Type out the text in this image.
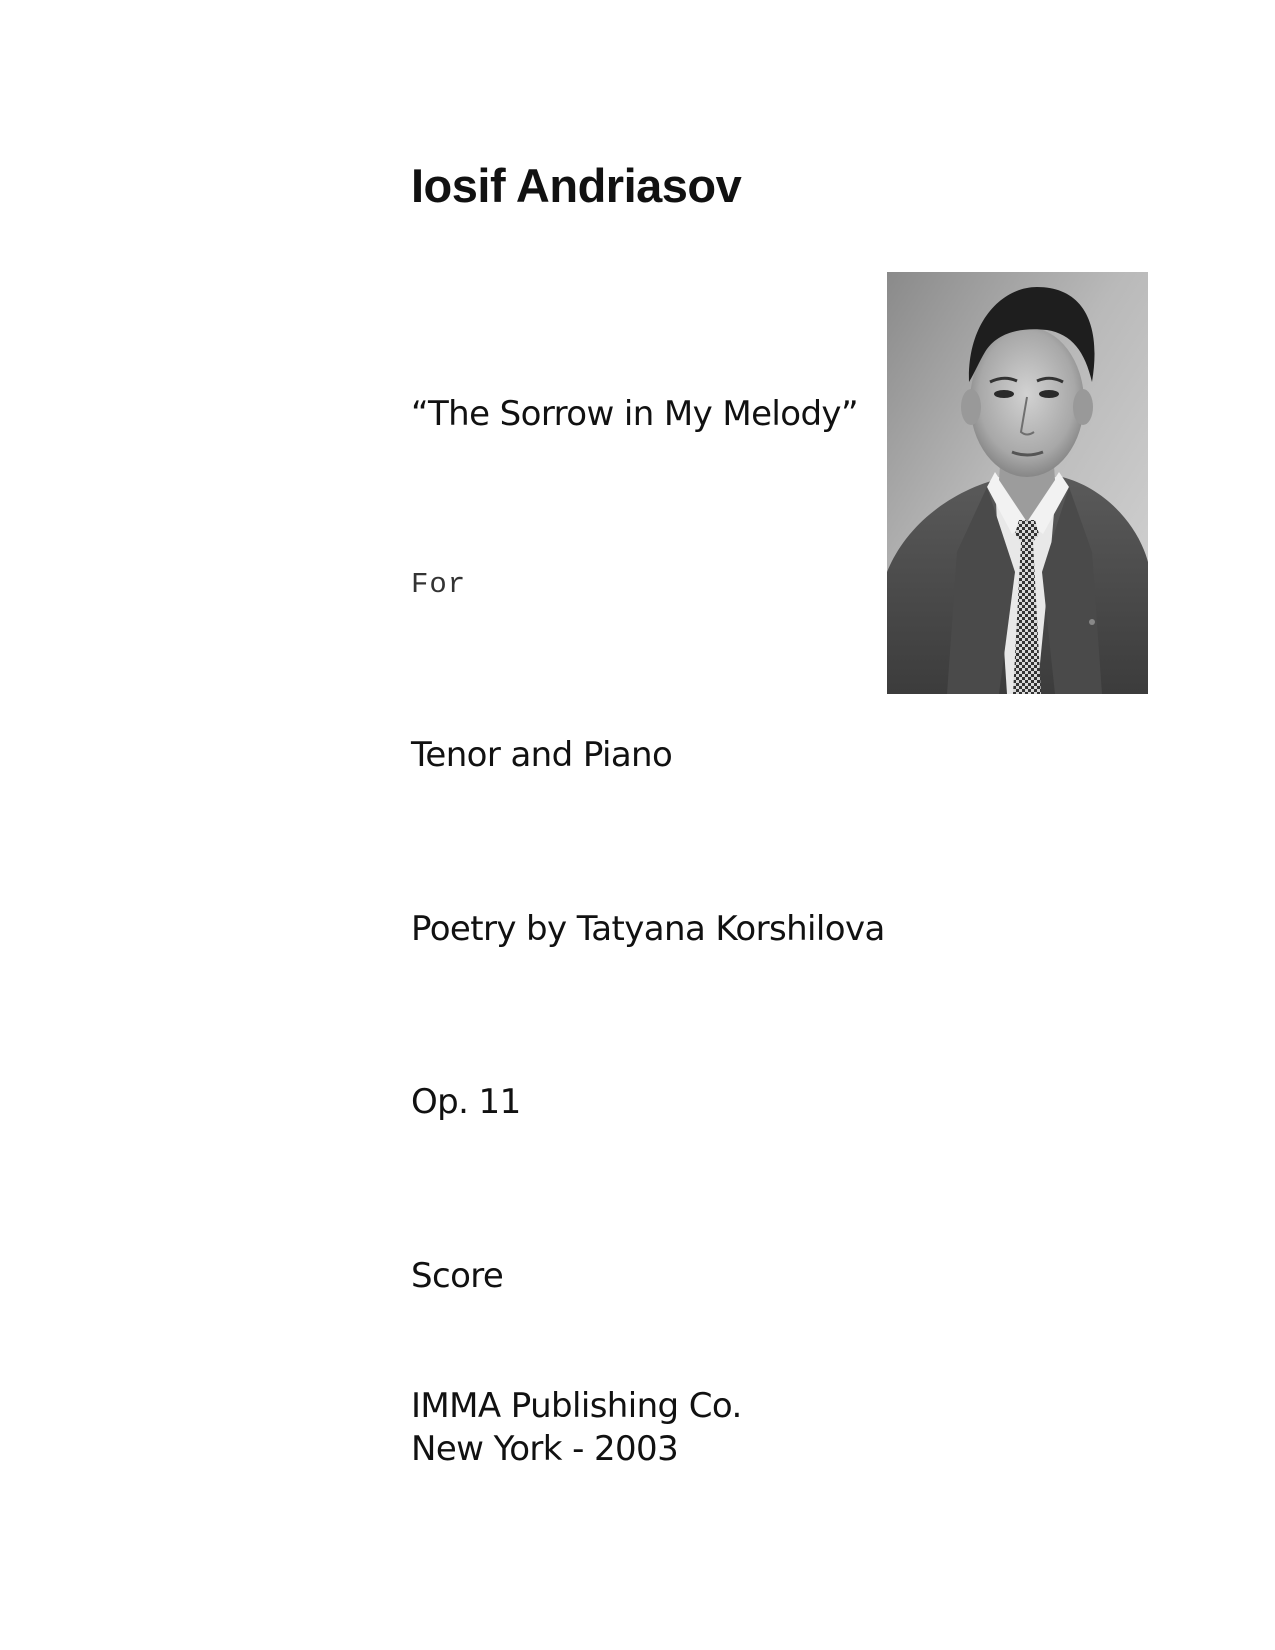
Iosif Andriasov
“The Sorrow in My Melody”
For
Tenor and Piano
Poetry by Tatyana Korshilova
Op. 11
Score
IMMA Publishing Co.
New York - 2003
